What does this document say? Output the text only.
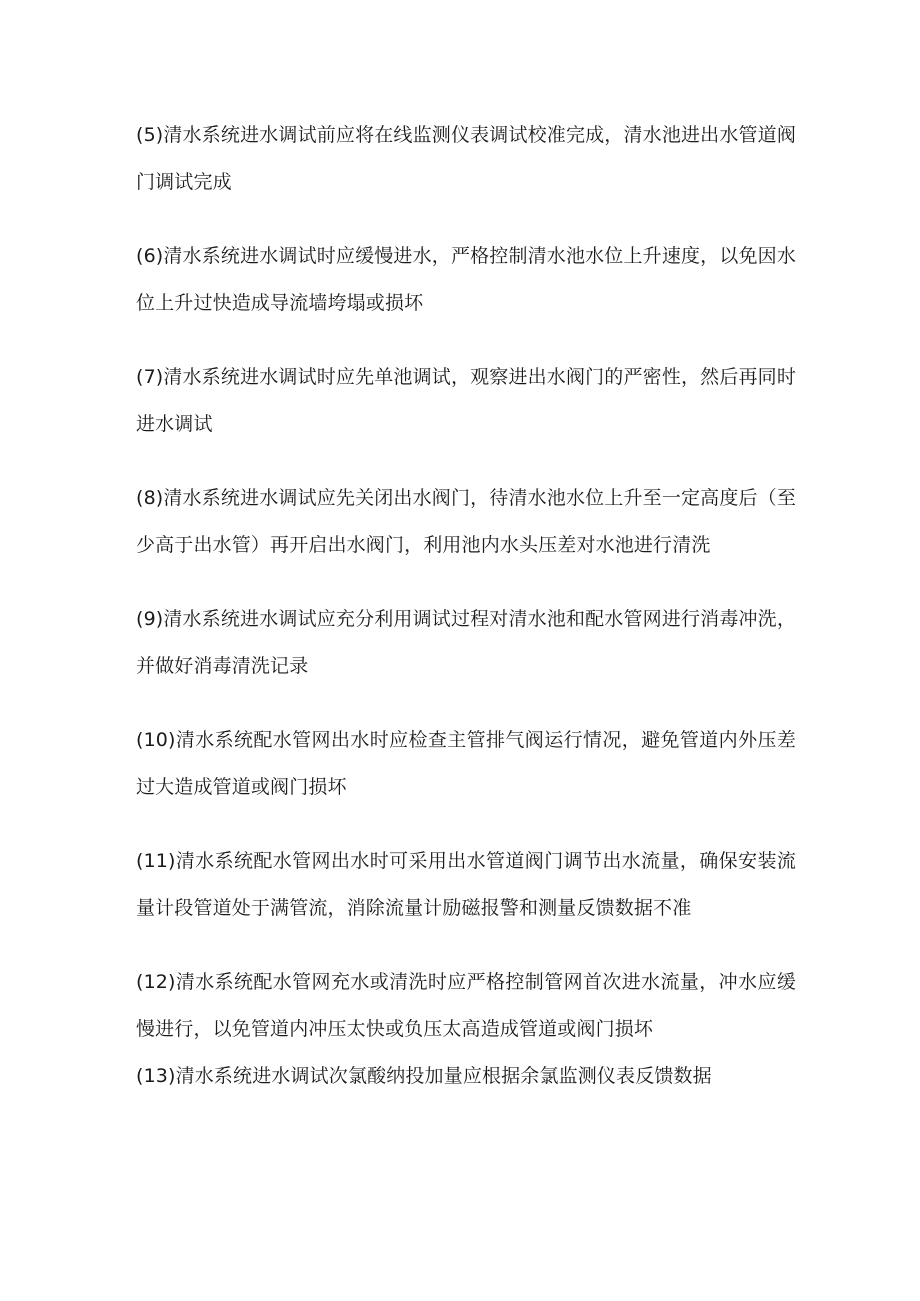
(5)清水系统进水调试前应将在线监测仪表调试校准完成，清水池进出水管道阀门调试完成

(6)清水系统进水调试时应缓慢进水，严格控制清水池水位上升速度，以免因水位上升过快造成导流墙垮塌或损坏

(7)清水系统进水调试时应先单池调试，观察进出水阀门的严密性，然后再同时进水调试

(8)清水系统进水调试应先关闭出水阀门，待清水池水位上升至一定高度后（至少高于出水管）再开启出水阀门，利用池内水头压差对水池进行清洗

(9)清水系统进水调试应充分利用调试过程对清水池和配水管网进行消毒冲洗，并做好消毒清洗记录

(10)清水系统配水管网出水时应检查主管排气阀运行情况，避免管道内外压差过大造成管道或阀门损坏

(11)清水系统配水管网出水时可采用出水管道阀门调节出水流量，确保安装流量计段管道处于满管流，消除流量计励磁报警和测量反馈数据不准

(12)清水系统配水管网充水或清洗时应严格控制管网首次进水流量，冲水应缓慢进行，以免管道内冲压太快或负压太高造成管道或阀门损坏

(13)清水系统进水调试次氯酸纳投加量应根据余氯监测仪表反馈数据
